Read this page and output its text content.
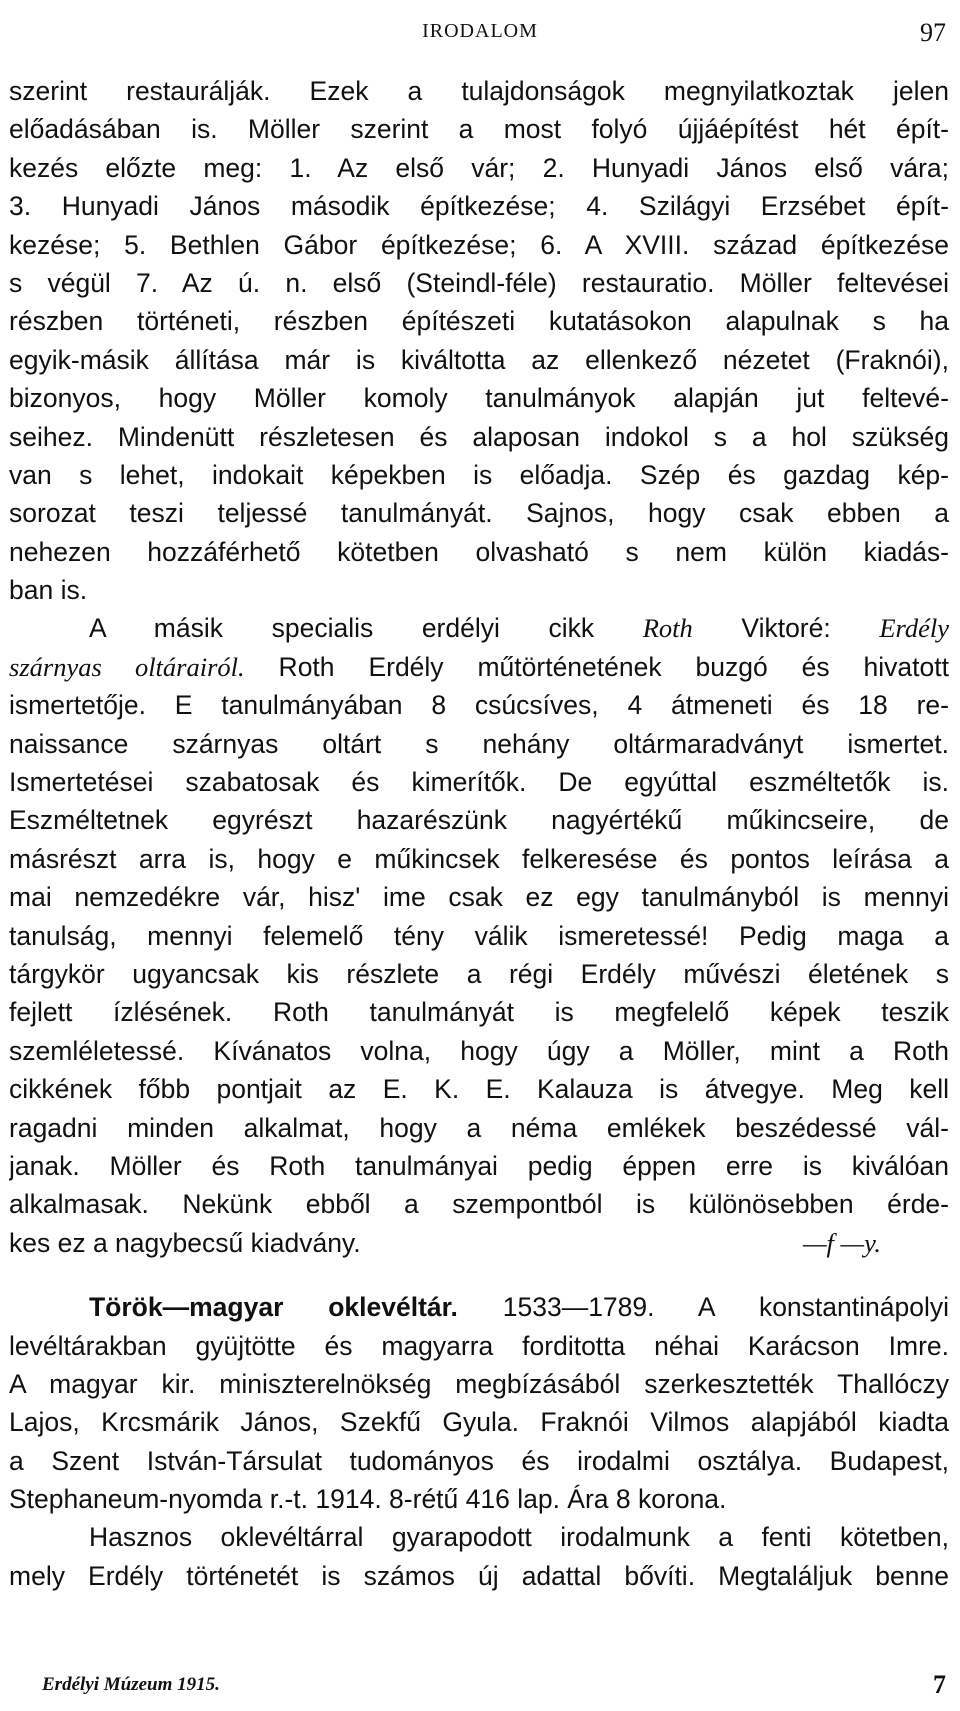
IRODALOM	97
szerint restaurálják. Ezek a tulajdonságok megnyilatkoztak jelen
előadásában is. Möller szerint a most folyó újjáépítést hét épít-
kezés előzte meg: 1. Az első vár; 2. Hunyadi János első vára;
3. Hunyadi János második építkezése; 4. Szilágyi Erzsébet épít-
kezése; 5. Bethlen Gábor építkezése; 6. A XVIII. század építkezése
s végül 7. Az ú. n. első (Steindl-féle) restauratio. Möller feltevései
részben történeti, részben építészeti kutatásokon alapulnak s ha
egyik-másik állítása már is kiváltotta az ellenkező nézetet (Fraknói),
bizonyos, hogy Möller komoly tanulmányok alapján jut feltevé-
seihez. Mindenütt részletesen és alaposan indokol s a hol szükség
van s lehet, indokait képekben is előadja. Szép és gazdag kép-
sorozat teszi teljessé tanulmányát. Sajnos, hogy csak ebben a
nehezen hozzáférhető kötetben olvasható s nem külön kiadás-
ban is.
A másik specialis erdélyi cikk Roth Viktoré: Erdély
szárnyas oltárairól. Roth Erdély műtörténetének buzgó és hivatott
ismertetője. E tanulmányában 8 csúcsíves, 4 átmeneti és 18 re-
naissance szárnyas oltárt s nehány oltármaradványt ismertet.
Ismertetései szabatosak és kimerítők. De egyúttal eszméltetők is.
Eszméltetnek egyrészt hazarészünk nagyértékű műkincseire, de
másrészt arra is, hogy e műkincsek felkeresése és pontos leírása a
mai nemzedékre vár, hisz' ime csak ez egy tanulmányból is mennyi
tanulság, mennyi felemelő tény válik ismeretessé! Pedig maga a
tárgykör ugyancsak kis részlete a régi Erdély művészi életének s
fejlett ízlésének. Roth tanulmányát is megfelelő képek teszik
szemléletessé. Kívánatos volna, hogy úgy a Möller, mint a Roth
cikkének főbb pontjait az E. K. E. Kalauza is átvegye. Meg kell
ragadni minden alkalmat, hogy a néma emlékek beszédessé vál-
janak. Möller és Roth tanulmányai pedig éppen erre is kiválóan
alkalmasak. Nekünk ebből a szempontból is különösebben érde-
kes ez a nagybecsű kiadvány.	—f —y.
Török—magyar oklevéltár. 1533—1789. A konstantinápolyi
levéltárakban gyüjtötte és magyarra forditotta néhai Karácson Imre.
A magyar kir. miniszterelnökség megbízásából szerkesztették Thallóczy
Lajos, Krcsmárik János, Szekfű Gyula. Fraknói Vilmos alapjából kiadta
a Szent István-Társulat tudományos és irodalmi osztálya. Budapest,
Stephaneum-nyomda r.-t. 1914. 8-rétű 416 lap. Ára 8 korona.
Hasznos oklevéltárral gyarapodott irodalmunk a fenti kötetben,
mely Erdély történetét is számos új adattal bővíti. Megtaláljuk benne
Erdélyi Múzeum 1915.	7
